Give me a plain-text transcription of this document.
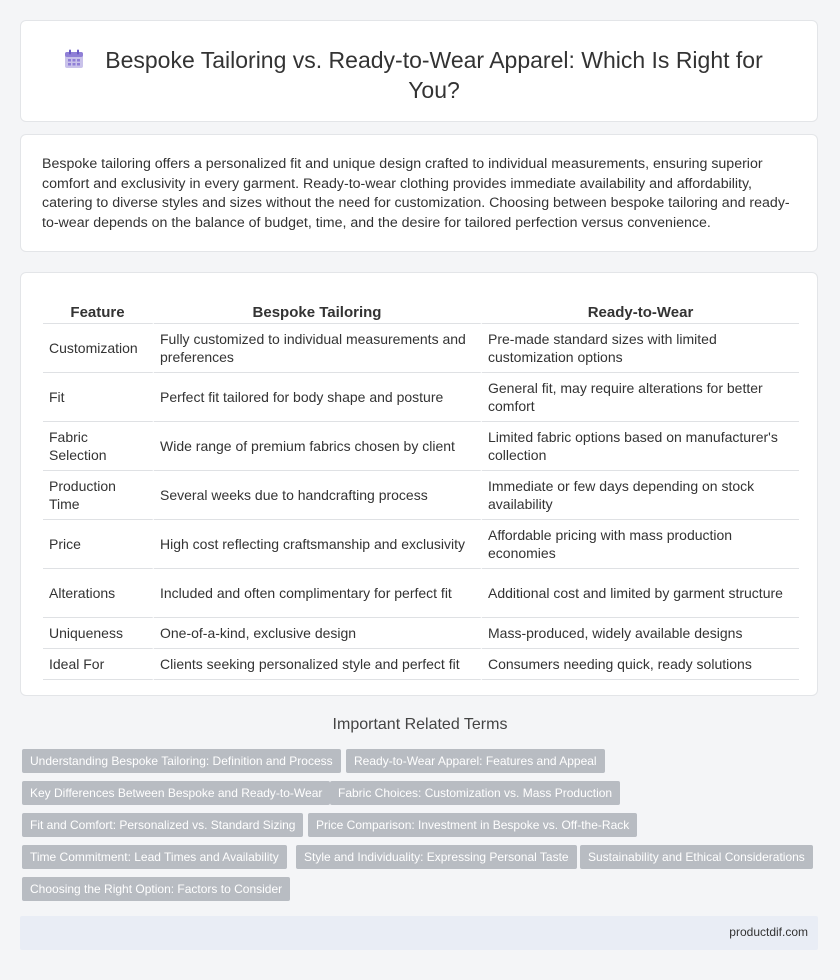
Bespoke Tailoring vs. Ready-to-Wear Apparel: Which Is Right for You?

Bespoke tailoring offers a personalized fit and unique design crafted to individual measurements, ensuring superior comfort and exclusivity in every garment. Ready-to-wear clothing provides immediate availability and affordability, catering to diverse styles and sizes without the need for customization. Choosing between bespoke tailoring and ready-to-wear depends on the balance of budget, time, and the desire for tailored perfection versus convenience.

Feature	Bespoke Tailoring	Ready-to-Wear
Customization	Fully customized to individual measurements and preferences	Pre-made standard sizes with limited customization options
Fit	Perfect fit tailored for body shape and posture	General fit, may require alterations for better comfort
Fabric Selection	Wide range of premium fabrics chosen by client	Limited fabric options based on manufacturer's collection
Production Time	Several weeks due to handcrafting process	Immediate or few days depending on stock availability
Price	High cost reflecting craftsmanship and exclusivity	Affordable pricing with mass production economies
Alterations	Included and often complimentary for perfect fit	Additional cost and limited by garment structure
Uniqueness	One-of-a-kind, exclusive design	Mass-produced, widely available designs
Ideal For	Clients seeking personalized style and perfect fit	Consumers needing quick, ready solutions
Important Related Terms
Understanding Bespoke Tailoring: Definition and Process	Ready-to-Wear Apparel: Features and Appeal
Key Differences Between Bespoke and Ready-to-Wear	Fabric Choices: Customization vs. Mass Production
Fit and Comfort: Personalized vs. Standard Sizing	Price Comparison: Investment in Bespoke vs. Off-the-Rack
Time Commitment: Lead Times and Availability	Style and Individuality: Expressing Personal Taste	Sustainability and Ethical Considerations
Choosing the Right Option: Factors to Consider
productdif.com
